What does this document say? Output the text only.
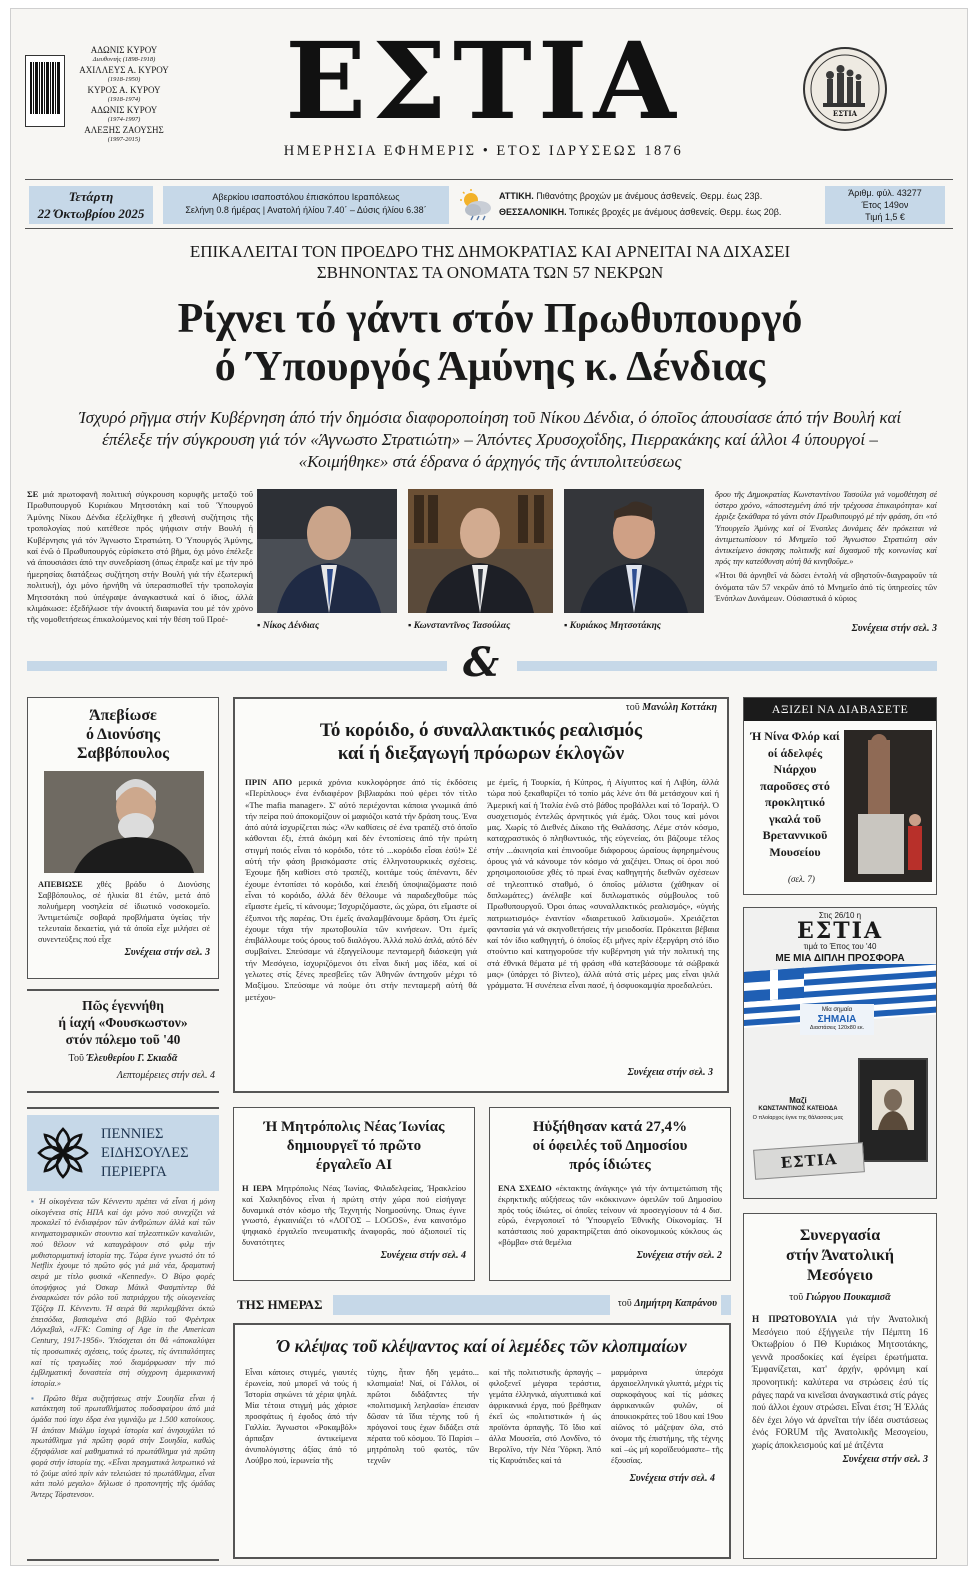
ΑΔΩΝΙΣ ΚΥΡΟΥ
Διευθυντής (1898-1918)
ΑΧΙΛΛΕΥΣ Α. ΚΥΡΟΥ
(1918-1950)
ΚΥΡΟΣ Α. ΚΥΡΟΥ
(1918-1974)
ΑΔΩΝΙΣ ΚΥΡΟΥ
(1974-1997)
ΑΛΕΞΗΣ ΖΑΟΥΣΗΣ
(1997-2015)	ΕΣΤΙΑ
ΗΜΕΡΗΣΙΑ ΕΦΗΜΕΡΙΣ • ΕΤΟΣ ΙΔΡΥΣΕΩΣ 1876
ΕΣΤΙΑ
Τετάρτη
22 Όκτωβρίου 2025
Αβερκίου ισαποστόλου έπισκόπου Ιεραπόλεως
Σελήνη 0.8 ήμέρας | Ανατολή ήλίου 7.40΄ – Δύσις ήλίου 6.38΄
ΑΤΤΙΚΗ. Πιθανότης βροχών με άνέμους άσθενείς. Θερμ. έως 23β.
ΘΕΣΣΑΛΟΝΙΚΗ. Τοπικές βροχές με άνέμους άσθενείς. Θερμ. έως 20β.
Άριθμ. φύλ. 43277
Έτος 149ον
Τιμή 1,5 €
ΕΠΙΚΑΛΕΙΤΑΙ ΤΟΝ ΠΡΟΕΔΡΟ ΤΗΣ ΔΗΜΟΚΡΑΤΙΑΣ ΚΑΙ ΑΡΝΕΙΤΑΙ ΝΑ ΔΙΧΑΣΕΙ
ΣΒΗΝΟΝΤΑΣ ΤΑ ΟΝΟΜΑΤΑ ΤΩΝ 57 ΝΕΚΡΩΝ
Ρίχνει τό γάντι στόν Πρωθυπουργό
ό Ύπουργός Άμύνης κ. Δένδιας
Ίσχυρό ρῆγμα στήν Κυβέρνηση άπό τήν δημόσια διαφοροποίηση τοῦ Νίκου Δένδια, ό όποῖος άπουσίασε άπό τήν Βουλή καί έπέλεξε τήν σύγκρουση γιά τόν «Άγνωστο Στρατιώτη» – Άπόντες Χρυσοχοΐδης, Πιερρακάκης καί άλλοι 4 ύπουργοί – «Κοιμήθηκε» στά έδρανα ό άρχηγός τῆς άντιπολιτεύσεως
ΣΕ μιά πρωτοφανῆ πολιτική σύγκρουση κορυφῆς μεταξύ τοῦ Πρωθυπουργοῦ Κυριάκου Μητσοτάκη καί τοῦ Ύπουργοῦ Άμύνης Νίκου Δένδια έξελίχθηκε ή χθεσινή συζήτησις τῆς τροπολογίας πού κατέθεσε πρός ψήφισιν στήν Βουλή ή Κυβέρνησις γιά τόν Άγνωστο Στρατιώτη. Ό Ύπουργός Άμύνης, καί ένῶ ό Πρωθυπουργός εύρίσκετο στό βῆμα, όχι μόνο έπέλεξε νά άπουσιάσει άπό την συνεδρίαση (όπως έπραξε καί με τήν πρό ήμερησίας διατάξεως συζήτηση στήν Βουλή γιά τήν έξωτερική πολιτική), όχι μόνο ήρνήθη νά ύπερασπισθεῖ τήν τροπολογία Μητσοτάκη πού ύπέγραψε άναγκαστικά καί ό ίδιος, άλλά κλιμάκωσε: έξεδήλωσε τήν άνοικτή διαφωνία του μέ τόν χρόνο τῆς νομοθετήσεως έπικαλούμενος καί τήν θέση τοῦ Προέ-
▪ Νίκος Δένδιας	▪ Κωνσταντῖνος Τασούλας	▪ Κυριάκος Μητσοτάκης
δρου τῆς Δημοκρατίας Κωνσταντίνου Τασούλα γιά νομοθέτηση σέ ύστερο χρόνο, «άποστεγμένη άπό τήν τρέχουσα έπικαιρότητα» καί έρριξε ξεκάθαρα τό γάντι στόν Πρωθυπουργό μέ τήν φράση, ότι «τό Ύπουργεῖο Άμύνης καί οί Ένοπλες Δυνάμεις δέν πρόκειται νά άντιμετωπίσουν τό Μνημεῖο τοῦ Άγνωστου Στρατιώτη σάν άντικείμενο άσκησης πολιτικῆς καί διχασμοῦ τῆς κοινωνίας καί πρός την κατεύθυνση αὐτή θά κινηθοῦμε.»
«Ήτοι θά άρνηθεῖ νά δώσει έντολή νά σβηστοῦν-διαγραφοῦν τά όνόματα τῶν 57 νεκρῶν άπό τό Μνημεῖο άπό τίς ύπηρεσίες τῶν Ένόπλων Δυνάμεων. Ούσιαστικά ό κύριος
Συνέχεια στήν σελ. 3
&
Άπεβίωσε
ό Διονύσης
Σαββόπουλος
ΑΠΕΒΙΩΣΕ χθές βράδυ ό Διονύσης Σαββόπουλος, σέ ήλικία 81 έτῶν, μετά άπό πολυήμερη νοσηλεία σέ ίδιωτικό νοσοκομεῖο. Άντιμετώπιζε σοβαρά προβλήματα ύγείας τήν τελευταία δεκαετία, γιά τά όποῖα εἶχε μιλήσει σέ συνεντεύξεις πού εἶχε
Συνέχεια στήν σελ. 3
Πῶς έγεννήθη
ή ίαχή «Φουσκωστον»
στόν πόλεμο τοῦ '40
Τοῦ Έλευθερίου Γ. Σκιαδᾶ
Λεπτομέρειες στήν σελ. 4
τοῦ Μανώλη Κοττάκη
Τό κορόιδο, ό συναλλακτικός ρεαλισμός
καί ή διεξαγωγή πρόωρων έκλογῶν
ΠΡΙΝ ΑΠΟ μερικά χρόνια κυκλοφόρησε άπό τίς έκδόσεις «Περίπλους» ένα ένδιαφέρον βιβλιαράκι πού φέρει τόν τίτλο «The mafia manager». Σ' αὐτό περιέχονται κάποια γνωμικά άπό τήν πείρα πού άποκομίζουν οί μαφιόζοι κατά τήν δράση τους. Ένα άπό αὐτά ίσχυρίζεται πώς: «Άν καθίσεις σέ ένα τραπέζι στό όποῖο κάθονται έξι, έπτά άκόμη καί δέν έντοπίσεις άπό τήν πρώτη στιγμή ποιός εἶναι τό κορόιδο, τότε τό ...κορόιδο εἶσαι έσύ!» Σέ αὐτή τήν φάση βρισκόμαστε στίς έλληνοτουρκικές σχέσεις. Έχουμε ἤδη καθίσει στό τραπέζι, κοιτάμε τούς άπέναντι, δέν έχουμε έντοπίσει τό κορόιδο, καί έπειδή ύποψιαζόμαστε ποιό εἶναι τό κορόιδο, άλλά δέν θέλουμε νά παραδεχθοῦμε πώς εἴμαστε έμεῖς, τί κάνουμε; Ίσχυριζόμαστε, ώς χώρα, ότι εἴμαστε οί έξυπνοι τῆς παρέας. Ότι έμεῖς άναλαμβάνουμε δράση. Ότι έμεῖς έχουμε τάχα τήν πρωτοβουλία τῶν κινήσεων. Ότι έμεῖς έπιβάλλουμε τούς όρους τοῦ διαλόγου. Άλλά πολύ άπλά, αὐτό δέν συμβαίνει. Σπεύσαμε νά έξαγγείλουμε πενταμερῆ διάσκεψη γιά τήν Μεσόγειο, ίσχυριζόμενοι ότι εἶναι δική μας ίδέα, καί οί γελωτες στίς ξένες πρεσβεῖες τῶν Άθηνῶν άντηχοῦν μέχρι τό Μαξίμου. Σπεύσαμε νά πούμε ότι στήν πενταμερῆ αὐτή θά μετέχου-
με έμεῖς, ή Τουρκία, ή Κύπρος, ή Αίγυπτος καί ή Λιβύη, άλλά τώρα πού ξεκαθαρίζει τό τοπίο μάς λένε ότι θά μετάσχουν καί ή Άμερική καί ή Ίταλία ένῶ στό βάθος προβάλλει καί τό Ίσραήλ. Ό συσχετισμός έντελῶς άρνητικός γιά έμάς. Όλοι τους καί μόνοι μας. Χωρίς τό Διεθνές Δίκαιο τῆς Θαλάσσης. Λέμε στόν κόσμο, καταχραστικός ό πληθωντικός, τῆς εύγενείας, ότι βάζουμε τέλος στήν ...άκινησία καί έπινοοῦμε διάφορους ώραίους άφηρημένους όρους γιά νά κάνουμε τόν κόσμο νά χαζέψει. Όπως οί όροι πού χρησιμοποιοῦσε χθές τό πρωί ένας καθηγητής διεθνῶν σχέσεων σέ τηλεοπτικό σταθμό, ό όποῖος μάλιστα (χάθηκαν οί διπλωμάτες;) άνέλαβε καί διπλωματικός σύμβουλος τοῦ Πρωθυπουργοῦ. Όροι όπως «συναλλακτικός ρεαλισμός», «ύγιής πατριωτισμός» έναντίον «διαιρετικοῦ λαϊκισμοῦ». Χρειάζεται φαντασία γιά νά σκηνοθετήσεις τήν μειοδοσία. Πρόκειται βέβαια καί τόν ίδιο καθηγητή, ό όποῖος έξι μῆνες πρίν έξεργάρη στό ίδιο στούντιο καί κατηγοροῦσε τήν κυβέρνηση γιά τήν πολιτική της στά έθνικά θέματα μέ τή φράση «θά κατεβάσουμε τά σώβρακά μας» (ύπάρχει τό βίντεο), άλλά αὐτά στίς μέρες μας εἶναι ψιλά γράμματα. Ή συνέπεια εἶναι πασέ, ή όσφυοκαμψία προεδαλεύει.
Συνέχεια στήν σελ. 3
ΑΞΙΖΕΙ ΝΑ ΔΙΑΒΑΣΕΤΕ
Ή Νίνα Φλόρ καί οί άδελφές Νιάρχου παροῦσες στό προκλητικό γκαλά τοῦ Βρεταννικοῦ Μουσείου
(σελ. 7)
Στις 26/10 η
ΕΣΤΙΑ
τιμά το Έπος του '40
ΜΕ ΜΙΑ ΔΙΠΛΗ ΠΡΟΣΦΟΡΑ
Μία σημαία
ΣΗΜΑΙΑ
Διαστάσεις 120x80 εκ.
Μαζί
ΚΩΝΣΤΑΝΤΙΝΟΣ ΚΑΤΕΙΟΔΑ
Ο πλοίαρχος έγινε της θάλασσας μας
ΕΣΤΙΑ
ΠΕΝΝΙΕΣ
ΕΙΔΗΣΟΥΛΕΣ
ΠΕΡΙΕΡΓΑ
▪ Ή οίκογένεια τῶν Κέννεντυ πρέπει νά εἶναι ή μόνη οίκογένεια στίς ΗΠΑ καί όχι μόνο πού συνεχίζει νά προκαλεῖ τό ένδιαφέρον τῶν άνθρώπων άλλά καί τῶν κινηματογραφικῶν στουντιο καί τηλεοπτικῶν καναλιῶν, πού θέλουν νά καταγράψουν στό φιλμ τήν μυθιστοριματική ίστορία της. Τώρα έγινε γνωστό ότι τό Netflix έχουμε τό πρῶτο φός γιά μιά νέα, δραματική σειρά με τίτλο φυσικά «Kennedy». Ό Βύρο φορές ύποψήφιος γιά Όσκαρ Μάικλ Φασμπίντερ θά ένσαρκώσει τόν ρόλο τοῦ πατριάρχου τῆς οίκογενείας Τζόζεφ Π. Κέννεντυ. Ή σειρά θά περιλαμβάνει όκτώ έπεισόδια, βασισμένα στό βιβλίο τοῦ Φρέντρικ Λόγκεβαλ, «JFK: Coming of Age in the American Century, 1917-1956». Ύπόσχεται ότι θά «άποκαλύψει τίς προσωπικές σχέσεις, τούς έρωτες, τίς άντιπαλότητες καί τίς τραγωδίες πού διαμόρφωσαν τήν πιό έμβληματική δυναστεία στή σύγχρονη άμερικανική ίστορία.»
▪ Πρῶτο θέμα συζητήσεως στήν Σουηδία εἶναι ή κατάκτηση τοῦ πρωταθλήματος ποδοσφαίρου άπό μιά όμάδα πού ίσχυ έδρα ένα γυμνάζω με 1.500 κατοίκους. Ή άπόταν Μιάλμυ ίσχυρά ίστορία καί άνησυχάλει τό πρωτάθλημα γιά πρῶτη φορά στήν Σουηδία, καθώς έξησφάλισε καί μαθηματικά τό πρωτάθλημα γιά πρῶτη φορά στήν ίστορία της. «Εἶναι πραγματικά λυτρωτικό νά τό ζούμε αὐτό πρίν κάν τελειώσει τό πρωτάθλημα, εἶναι κάτι πολύ μεγαλο» δήλωσε ό προπονητής τῆς όμάδας Άντερς Τόρστενσον.
Ή Μητρόπολις Νέας Ίωνίας
δημιουργεῖ τό πρῶτο
έργαλεῖο AI
Η ΙΕΡΑ Μητρόπολις Νέας Ίωνίας, Φιλαδελφείας, Ήρακλείου καί Χαλκηδόνος εἶναι ή πρώτη στήν χώρα πού εἰσήγαγε δυναμικά στόν κόσμο τῆς Τεχνητής Νοημοσύνης. Όπως έγινε γνωστό, έγκαινιάζει τό «ΛΟΓΟΣ – LOGOS», ένα καινοτόμο ψηφιακό έργαλεῖο πνευματικῆς άναφορᾶς, πού άξιοποιεῖ τίς δυνατότητες
Συνέχεια στήν σελ. 4
Ηὐξήθησαν κατά 27,4%
οί όφειλές τοῦ Δημοσίου
πρός ίδιώτες
ΕΝΑ ΣΧΕΔΙΟ «έκτακτης άνάγκης» γιά τήν άντιμετώπιση τῆς έκρηκτικῆς αὐξήσεως τῶν «κόκκινων» όφειλῶν τοῦ Δημοσίου πρός τούς ίδιώτες, οί όποῖες τείνουν νά προσεγγίσουν τά 4 δισ. εὐρώ, ένεργοποιεῖ τό Ύπουργεῖο Έθνικῆς Οίκονομίας. Ή κατάστασις πού χαρακτηρίζεται άπό οίκονομικούς κύκλους ώς «βόμβα» στά θεμέλια
Συνέχεια στήν σελ. 2
ΤΗΣ ΗΜΕΡΑΣ	τοῦ Δημήτρη Καπράνου
Ό κλέψας τοῦ κλέψαντος καί οί λεμέδες τῶν κλοπιμαίων
Εἶναι κάποιες στιγμές, γιαυτές έρωνεία, πού μπορεῖ νά τούς ή Ίστορία σηκώνει τά χέρια ψηλά. Μία τέτοια στιγμή μάς χάρισε προσφάτως ή έφοδος άπό τήν Γαλλία. Άγνωστοι «Ροκαμβόλ» άρπαξαν άντικείμενα άνυπολόγιστης άξίας άπό τό Λούβρο πού, ίερωνεία τῆς
τύχης, ἦταν ἤδη γεμάτο... κλοπιμαία! Ναί, οί Γάλλοι, οί πρῶτοι διδάξαντες τήν «πολιτισμική λεηλασία» έπεισαν δῶσαν τά ἴδια τέχνης τοῦ ή πρόγονοί τους έχων διδάξει στά πέρατα τοῦ κόσμου. Τό Παρίσι –μητρόπολη τοῦ φωτός, τῶν τεχνῶν
καί τῆς πολιτιστικῆς άρπαγής –φιλοξενεῖ μέγαρα τεράστια, γεμάτα έλληνικά, αίγυπτιακά καί άφρικανικά έργα, πού βρέθηκαν έκεῖ ώς «πολιτιστικά» ή ώς προϊόντα άρπαγῆς. Τό ἴδιο καί άλλα Μουσεῖα, στό Λονδῖνο, τό Βερολῖνο, τήν Νέα Ύόρκη. Άπό τίς Καρυάτιδες καί τά
μαρμάρινα ύπερόχα άρχαιοελληνικά γλυπτά, μέχρι τίς σαρκοφάγους καί τίς μάσκες άφρικανικῶν φυλῶν, οί άποικιοκράτες τοῦ 18ου καί 19ου αίῶνος τό μάζεψαν όλα, στό όνομα τῆς έπιστήμης, τῆς τέχνης καί –ώς μή κοροϊδευόμαστε– τῆς έξουσίας.
Συνέχεια στήν σελ. 4
Συνεργασία
στήν Άνατολική
Μεσόγειο
τοῦ Γιώργου Πουκαμισᾶ
Η ΠΡΩΤΟΒΟΥΛΙΑ γιά τήν Άνατολική Μεσόγειο πού έξήγγειλε τήν Πέμπτη 16 Όκτωβρίου ό ΠΘ Κυριάκος Μητσοτάκης, γεννᾶ προσδοκίες καί έγείρει έρωτήματα. Έμφανίζεται, κατ' άρχήν, φρόνιμη καί προνοητική: καλύτερα να στρώσεις έσύ τίς ράγες παρά να κινεῖσαι άναγκαστικά στίς ράγες πού άλλοι έχουν στρώσει. Εἶναι έτσι; Ή Έλλάς δέν έχει λόγο νά άρνεῖται τήν ίδέα συστάσεως ένός FORUM τῆς Άνατολικῆς Μεσογείου, χωρίς άποκλεισμούς καί μέ άτζέντα
Συνέχεια στήν σελ. 3
